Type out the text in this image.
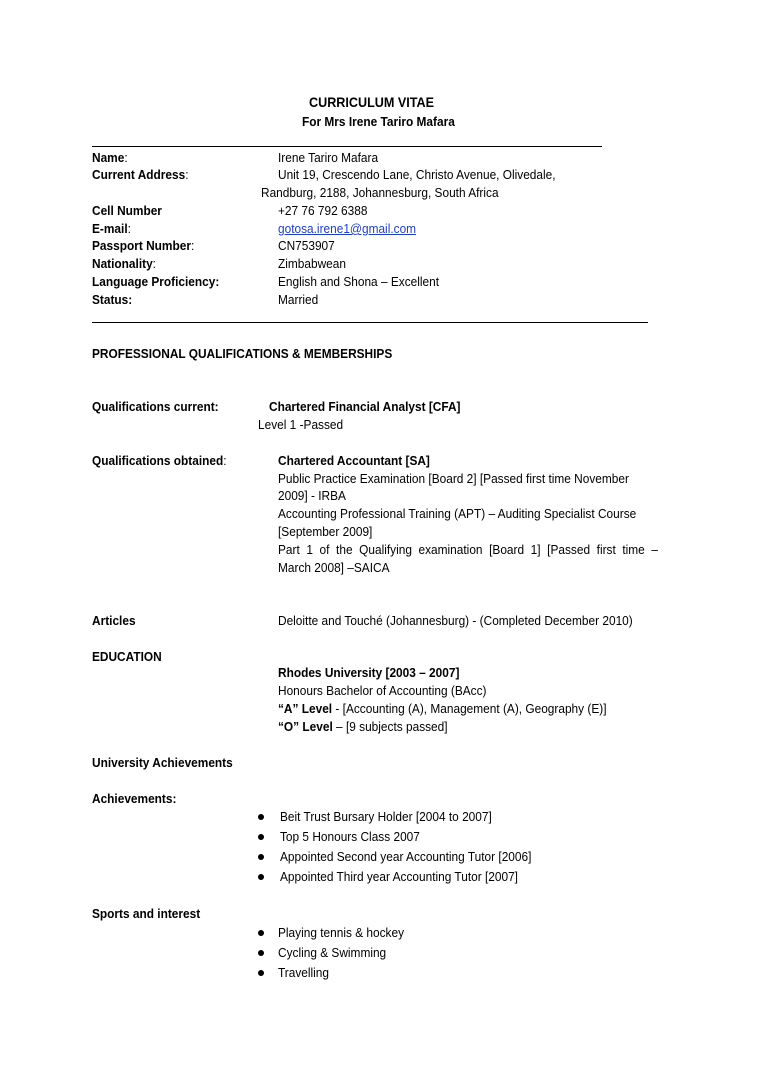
CURRICULUM VITAE
For Mrs Irene Tariro Mafara
Name:	Irene Tariro Mafara
Current Address:	Unit 19, Crescendo Lane, Christo Avenue, Olivedale,
Randburg, 2188, Johannesburg, South Africa
Cell Number	+27 76 792 6388
E-mail:	gotosa.irene1@gmail.com
Passport Number:	CN753907
Nationality:	Zimbabwean
Language Proficiency:	English and Shona – Excellent
Status:	Married
PROFESSIONAL QUALIFICATIONS & MEMBERSHIPS
Qualifications current:	Chartered Financial Analyst [CFA]
Level 1 -Passed
Qualifications obtained:	Chartered Accountant [SA]
Public Practice Examination [Board 2] [Passed first time November
2009] - IRBA
Accounting Professional Training (APT) – Auditing Specialist Course
[September 2009]
Part  1  of  the  Qualifying  examination  [Board  1]  [Passed  first  time  –
March 2008] –SAICA
Articles	Deloitte and Touché (Johannesburg) - (Completed December 2010)
EDUCATION
Rhodes University [2003 – 2007]
Honours Bachelor of Accounting (BAcc)
“A” Level - [Accounting (A), Management (A), Geography (E)]
“O” Level – [9 subjects passed]
University Achievements
Achievements:
Beit Trust Bursary Holder [2004 to 2007]
Top 5 Honours Class 2007
Appointed Second year Accounting Tutor [2006]
Appointed Third year Accounting Tutor [2007]
Sports and interest
Playing tennis & hockey
Cycling & Swimming
Travelling
